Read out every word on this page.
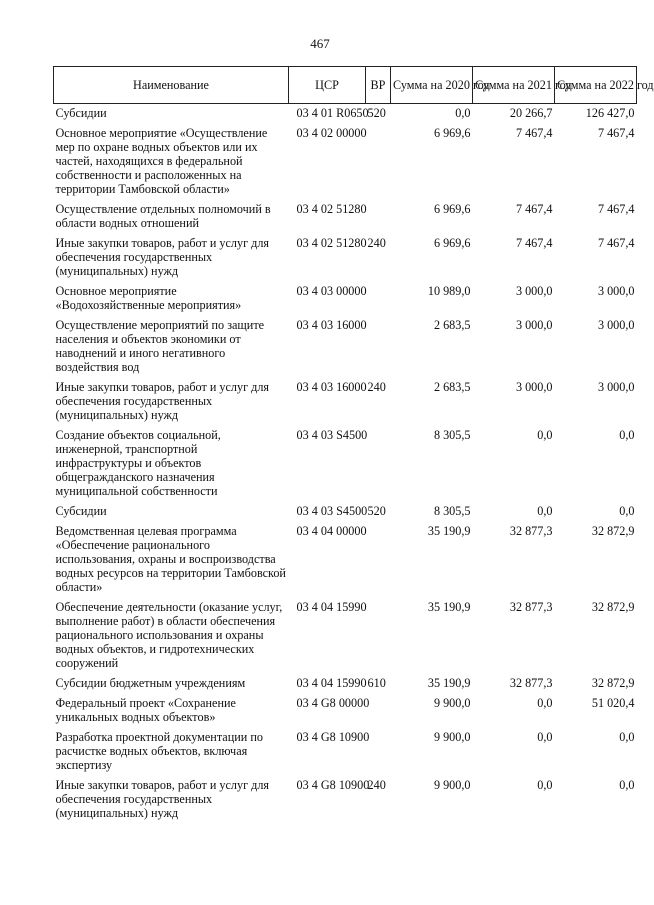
467
Наименование	ЦСР	ВР	Сумма на 2020 год	Сумма на 2021 год	Сумма на 2022 год
Субсидии	03 4 01 R0650	520	0,0	20 266,7	126 427,0
Основное мероприятие «Осуществление мер по охране водных объектов или их частей, находящихся в федеральной собственности и расположенных на территории Тамбовской области»	03 4 02 00000		6 969,6	7 467,4	7 467,4
Осуществление отдельных полномочий в области водных отношений	03 4 02 51280		6 969,6	7 467,4	7 467,4
Иные закупки товаров, работ и услуг для обеспечения государственных (муниципальных) нужд	03 4 02 51280	240	6 969,6	7 467,4	7 467,4
Основное мероприятие «Водохозяйственные мероприятия»	03 4 03 00000		10 989,0	3 000,0	3 000,0
Осуществление мероприятий по защите населения и объектов экономики от наводнений и иного негативного воздействия вод	03 4 03 16000		2 683,5	3 000,0	3 000,0
Иные закупки товаров, работ и услуг для обеспечения государственных (муниципальных) нужд	03 4 03 16000	240	2 683,5	3 000,0	3 000,0
Создание объектов социальной, инженерной, транспортной инфраструктуры и объектов общегражданского назначения муниципальной собственности	03 4 03 S4500		8 305,5	0,0	0,0
Субсидии	03 4 03 S4500	520	8 305,5	0,0	0,0
Ведомственная целевая программа «Обеспечение рационального использования, охраны и воспроизводства водных ресурсов на территории Тамбовской области»	03 4 04 00000		35 190,9	32 877,3	32 872,9
Обеспечение деятельности (оказание услуг, выполнение работ) в области обеспечения рационального использования и охраны водных объектов, и гидротехнических сооружений	03 4 04 15990		35 190,9	32 877,3	32 872,9
Субсидии бюджетным учреждениям	03 4 04 15990	610	35 190,9	32 877,3	32 872,9
Федеральный проект «Сохранение уникальных водных объектов»	03 4 G8 00000		9 900,0	0,0	51 020,4
Разработка проектной документации по расчистке водных объектов, включая экспертизу	03 4 G8 10900		9 900,0	0,0	0,0
Иные закупки товаров, работ и услуг для обеспечения государственных (муниципальных) нужд	03 4 G8 10900	240	9 900,0	0,0	0,0
